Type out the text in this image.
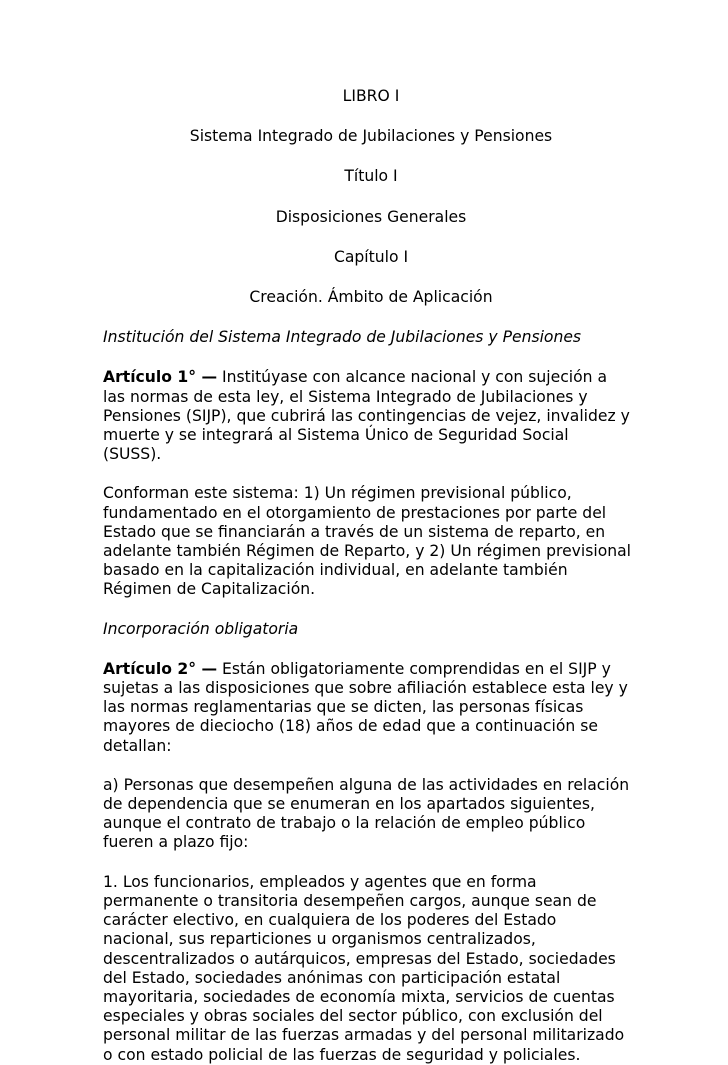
LIBRO I

Sistema Integrado de Jubilaciones y Pensiones

Título I

Disposiciones Generales

Capítulo I

Creación. Ámbito de Aplicación

Institución del Sistema Integrado de Jubilaciones y Pensiones

Artículo 1° — Institúyase con alcance nacional y con sujeción a las normas de esta ley, el Sistema Integrado de Jubilaciones y Pensiones (SIJP), que cubrirá las contingencias de vejez, invalidez y muerte y se integrará al Sistema Único de Seguridad Social (SUSS).

Conforman este sistema: 1) Un régimen previsional público, fundamentado en el otorgamiento de prestaciones por parte del Estado que se financiarán a través de un sistema de reparto, en adelante también Régimen de Reparto, y 2) Un régimen previsional basado en la capitalización individual, en adelante también Régimen de Capitalización.

Incorporación obligatoria

Artículo 2° — Están obligatoriamente comprendidas en el SIJP y sujetas a las disposiciones que sobre afiliación establece esta ley y las normas reglamentarias que se dicten, las personas físicas mayores de dieciocho (18) años de edad que a continuación se detallan:

a) Personas que desempeñen alguna de las actividades en relación de dependencia que se enumeran en los apartados siguientes, aunque el contrato de trabajo o la relación de empleo público fueren a plazo fijo:

1. Los funcionarios, empleados y agentes que en forma permanente o transitoria desempeñen cargos, aunque sean de carácter electivo, en cualquiera de los poderes del Estado nacional, sus reparticiones u organismos centralizados, descentralizados o autárquicos, empresas del Estado, sociedades del Estado, sociedades anónimas con participación estatal mayoritaria, sociedades de economía mixta, servicios de cuentas especiales y obras sociales del sector público, con exclusión del personal militar de las fuerzas armadas y del personal militarizado o con estado policial de las fuerzas de seguridad y policiales.
